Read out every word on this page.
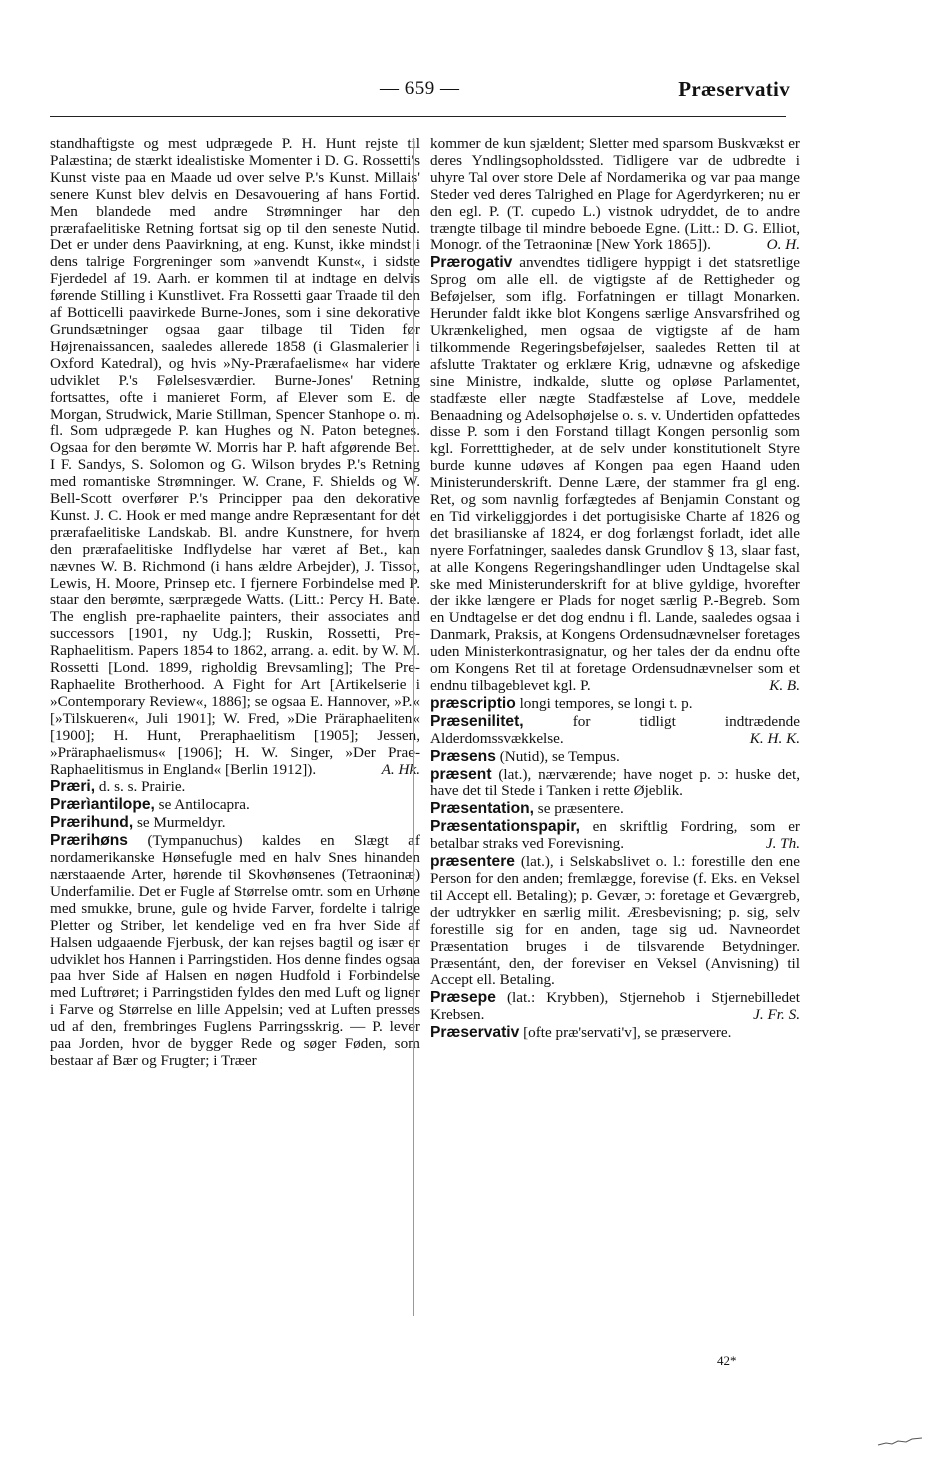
— 659 —	Præservativ

standhaftigste og mest udprægede P. H. Hunt rejste til Palæstina; de stærkt idealistiske Momenter i D. G. Rossetti's Kunst viste paa en Maade ud over selve P.'s Kunst. Millais' senere Kunst blev delvis en Desavouering af hans Fortid. Men blandede med andre Strømninger har den prærafaelitiske Retning fortsat sig op til den seneste Nutid. Det er under dens Paavirkning, at eng. Kunst, ikke mindst i dens talrige Forgreninger som »anvendt Kunst«, i sidste Fjerdedel af 19. Aarh. er kommen til at indtage en delvis førende Stilling i Kunstlivet. Fra Rossetti gaar Traade til den af Botticelli paavirkede Burne-Jones, som i sine dekorative Grundsætninger ogsaa gaar tilbage til Tiden før Højrenaissancen, saaledes allerede 1858 (i Glasmalerier i Oxford Katedral), og hvis »Ny-Prærafaelisme« har videre udviklet P.'s Følelsesværdier. Burne-Jones' Retning fortsattes, ofte i manieret Form, af Elever som E. de Morgan, Strudwick, Marie Stillman, Spencer Stanhope o. m. fl. Som udprægede P. kan Hughes og N. Paton betegnes. Ogsaa for den berømte W. Morris har P. haft afgørende Bet. I F. Sandys, S. Solomon og G. Wilson brydes P.'s Retning med romantiske Strømninger. W. Crane, F. Shields og W. Bell-Scott overfører P.'s Principper paa den dekorative Kunst. J. C. Hook er med mange andre Repræsentant for det prærafaelitiske Landskab. Bl. andre Kunstnere, for hvem den prærafaelitiske Indflydelse har været af Bet., kan nævnes W. B. Richmond (i hans ældre Arbejder), J. Tissot, Lewis, H. Moore, Prinsep etc. I fjernere Forbindelse med P. staar den berømte, særprægede Watts. (Litt.: Percy H. Bate. The english pre-raphaelite painters, their associates and successors [1901, ny Udg.]; Ruskin, Rossetti, Pre-Raphaelitism. Papers 1854 to 1862, arrang. a. edit. by W. M. Rossetti [Lond. 1899, righoldig Brevsamling]; The Pre-Raphaelite Brotherhood. A Fight for Art [Artikelserie i »Contemporary Review«, 1886]; se ogsaa E. Hannover, »P.« [»Tilskueren«, Juli 1901]; W. Fred, »Die Präraphaeliten« [1900]; H. Hunt, Preraphaelitism [1905]; Jessen, »Präraphaelismus« [1906]; H. W. Singer, »Der Prae-Raphaelitismus in England« [Berlin 1912]).	A. Hk.

Præri, d. s. s. Prairie.

Prærìantilope, se Antilocapra.

Prærihund, se Murmeldyr.

Prærihøns (Tympanuchus) kaldes en Slægt af nordamerikanske Hønsefugle med en halv Snes hinanden nærstaaende Arter, hørende til Skovhønsenes (Tetraoninæ) Underfamilie. Det er Fugle af Størrelse omtr. som en Urhøne med smukke, brune, gule og hvide Farver, fordelte i talrige Pletter og Striber, let kendelige ved en fra hver Side af Halsen udgaaende Fjerbusk, der kan rejses bagtil og især er udviklet hos Hannen i Parringstiden. Hos denne findes ogsaa paa hver Side af Halsen en nøgen Hudfold i Forbindelse med Luftrøret; i Parringstiden fyldes den med Luft og ligner i Farve og Størrelse en lille Appelsin; ved at Luften presses ud af den, frembringes Fuglens Parringsskrig. — P. lever paa Jorden, hvor de bygger Rede og søger Føden, som bestaar af Bær og Frugter; i Træer

kommer de kun sjældent; Sletter med sparsom Buskvækst er deres Yndlingsopholdssted. Tidligere var de udbredte i uhyre Tal over store Dele af Nordamerika og var paa mange Steder ved deres Talrighed en Plage for Agerdyrkeren; nu er den egl. P. (T. cupedo L.) vistnok udryddet, de to andre trængte tilbage til mindre beboede Egne. (Litt.: D. G. Elliot, Monogr. of the Tetraoninæ [New York 1865]).	O. H.

Prærogativ anvendtes tidligere hyppigt i det statsretlige Sprog om alle ell. de vigtigste af de Rettigheder og Beføjelser, som iflg. Forfatningen er tillagt Monarken. Herunder faldt ikke blot Kongens særlige Ansvarsfrihed og Ukrænkelighed, men ogsaa de vigtigste af de ham tilkommende Regeringsbeføjelser, saaledes Retten til at afslutte Traktater og erklære Krig, udnævne og afskedige sine Ministre, indkalde, slutte og opløse Parlamentet, stadfæste eller nægte Stadfæstelse af Love, meddele Benaadning og Adelsophøjelse o. s. v. Undertiden opfattedes disse P. som i den Forstand tillagt Kongen personlig som kgl. Forretttigheder, at de selv under konstitutionelt Styre burde kunne udøves af Kongen paa egen Haand uden Ministerunderskrift. Denne Lære, der stammer fra gl eng. Ret, og som navnlig forfægtedes af Benjamin Constant og en Tid virkeliggjordes i det portugisiske Charte af 1826 og det brasilianske af 1824, er dog forlængst forladt, idet alle nyere Forfatninger, saaledes dansk Grundlov § 13, slaar fast, at alle Kongens Regeringshandlinger uden Undtagelse skal ske med Ministerunderskrift for at blive gyldige, hvorefter der ikke længere er Plads for noget særlig P.-Begreb. Som en Undtagelse er det dog endnu i fl. Lande, saaledes ogsaa i Danmark, Praksis, at Kongens Ordensudnævnelser foretages uden Ministerkontrasignatur, og her tales der da endnu ofte om Kongens Ret til at foretage Ordensudnævnelser som et endnu tilbageblevet kgl. P.	K. B.

præscriptio longi tempores, se longi t. p.

Præsenilitet, for tidligt indtrædende Alderdomssvækkelse.	K. H. K.

Præsens (Nutid), se Tempus.

præsent (lat.), nærværende; have noget p. ɔ: huske det, have det til Stede i Tanken i rette Øjeblik.

Præsentation, se præsentere.

Præsentationspapir, en skriftlig Fordring, som er betalbar straks ved Forevisning.	J. Th.

præsentere (lat.), i Selskabslivet o. l.: forestille den ene Person for den anden; fremlægge, forevise (f. Eks. en Veksel til Accept ell. Betaling); p. Gevær, ɔ: foretage et Geværgreb, der udtrykker en særlig milit. Æresbevisning; p. sig, selv forestille sig for en anden, tage sig ud. Navneordet Præsentation bruges i de tilsvarende Betydninger. Præsentánt, den, der foreviser en Veksel (Anvisning) til Accept ell. Betaling.

Præsepe (lat.: Krybben), Stjernehob i Stjernebilledet Krebsen.	J. Fr. S.

Præservativ [ofte præ'servati'v], se præservere.

42*
